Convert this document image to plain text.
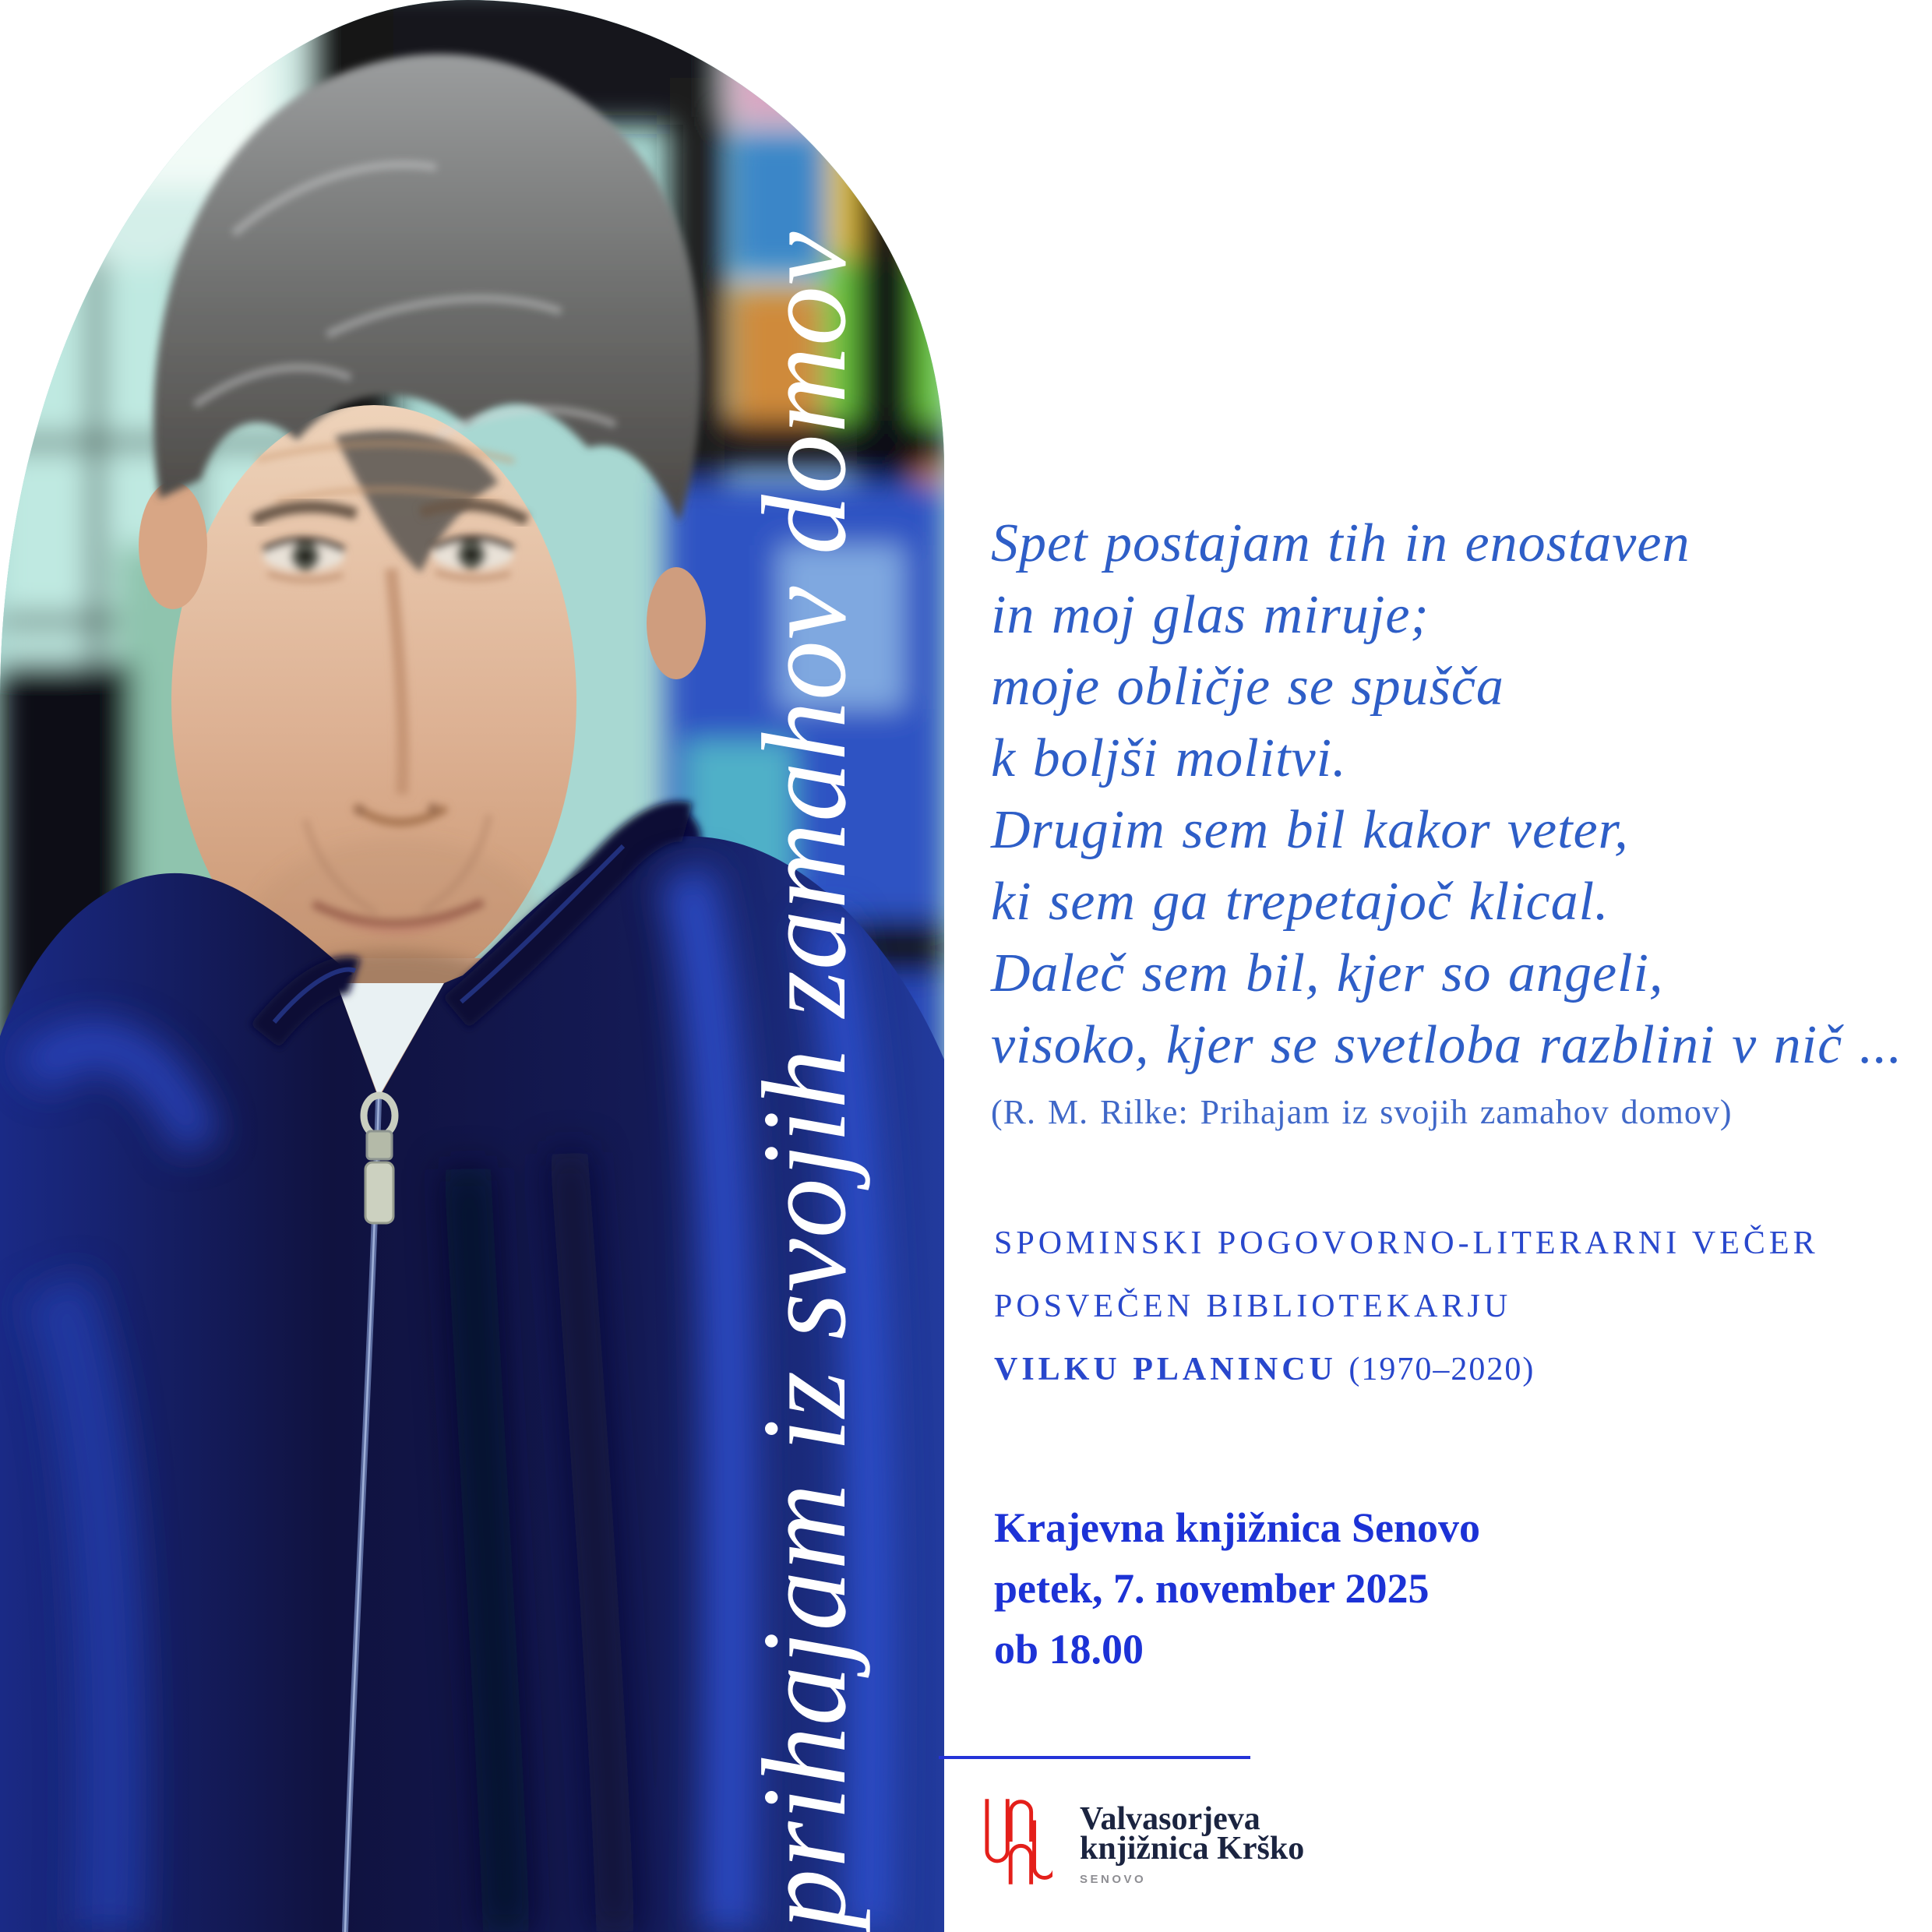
prihajam iz svojih zamahov domov Spet postajam tih in enostaven
in moj glas miruje;
moje obličje se spušča
k boljši molitvi.
Drugim sem bil kakor veter,
ki sem ga trepetajoč klical.
Daleč sem bil, kjer so angeli,
visoko, kjer se svetloba razblini v nič ...
(R. M. Rilke: Prihajam iz svojih zamahov domov)
SPOMINSKI POGOVORNO-LITERARNI VEČER
POSVEČEN BIBLIOTEKARJU
VILKU PLANINCU (1970–2020)
Krajevna knjižnica Senovo
petek, 7. november 2025
ob 18.00
Valvasorjeva
knjižnica Krško
SENOVO
